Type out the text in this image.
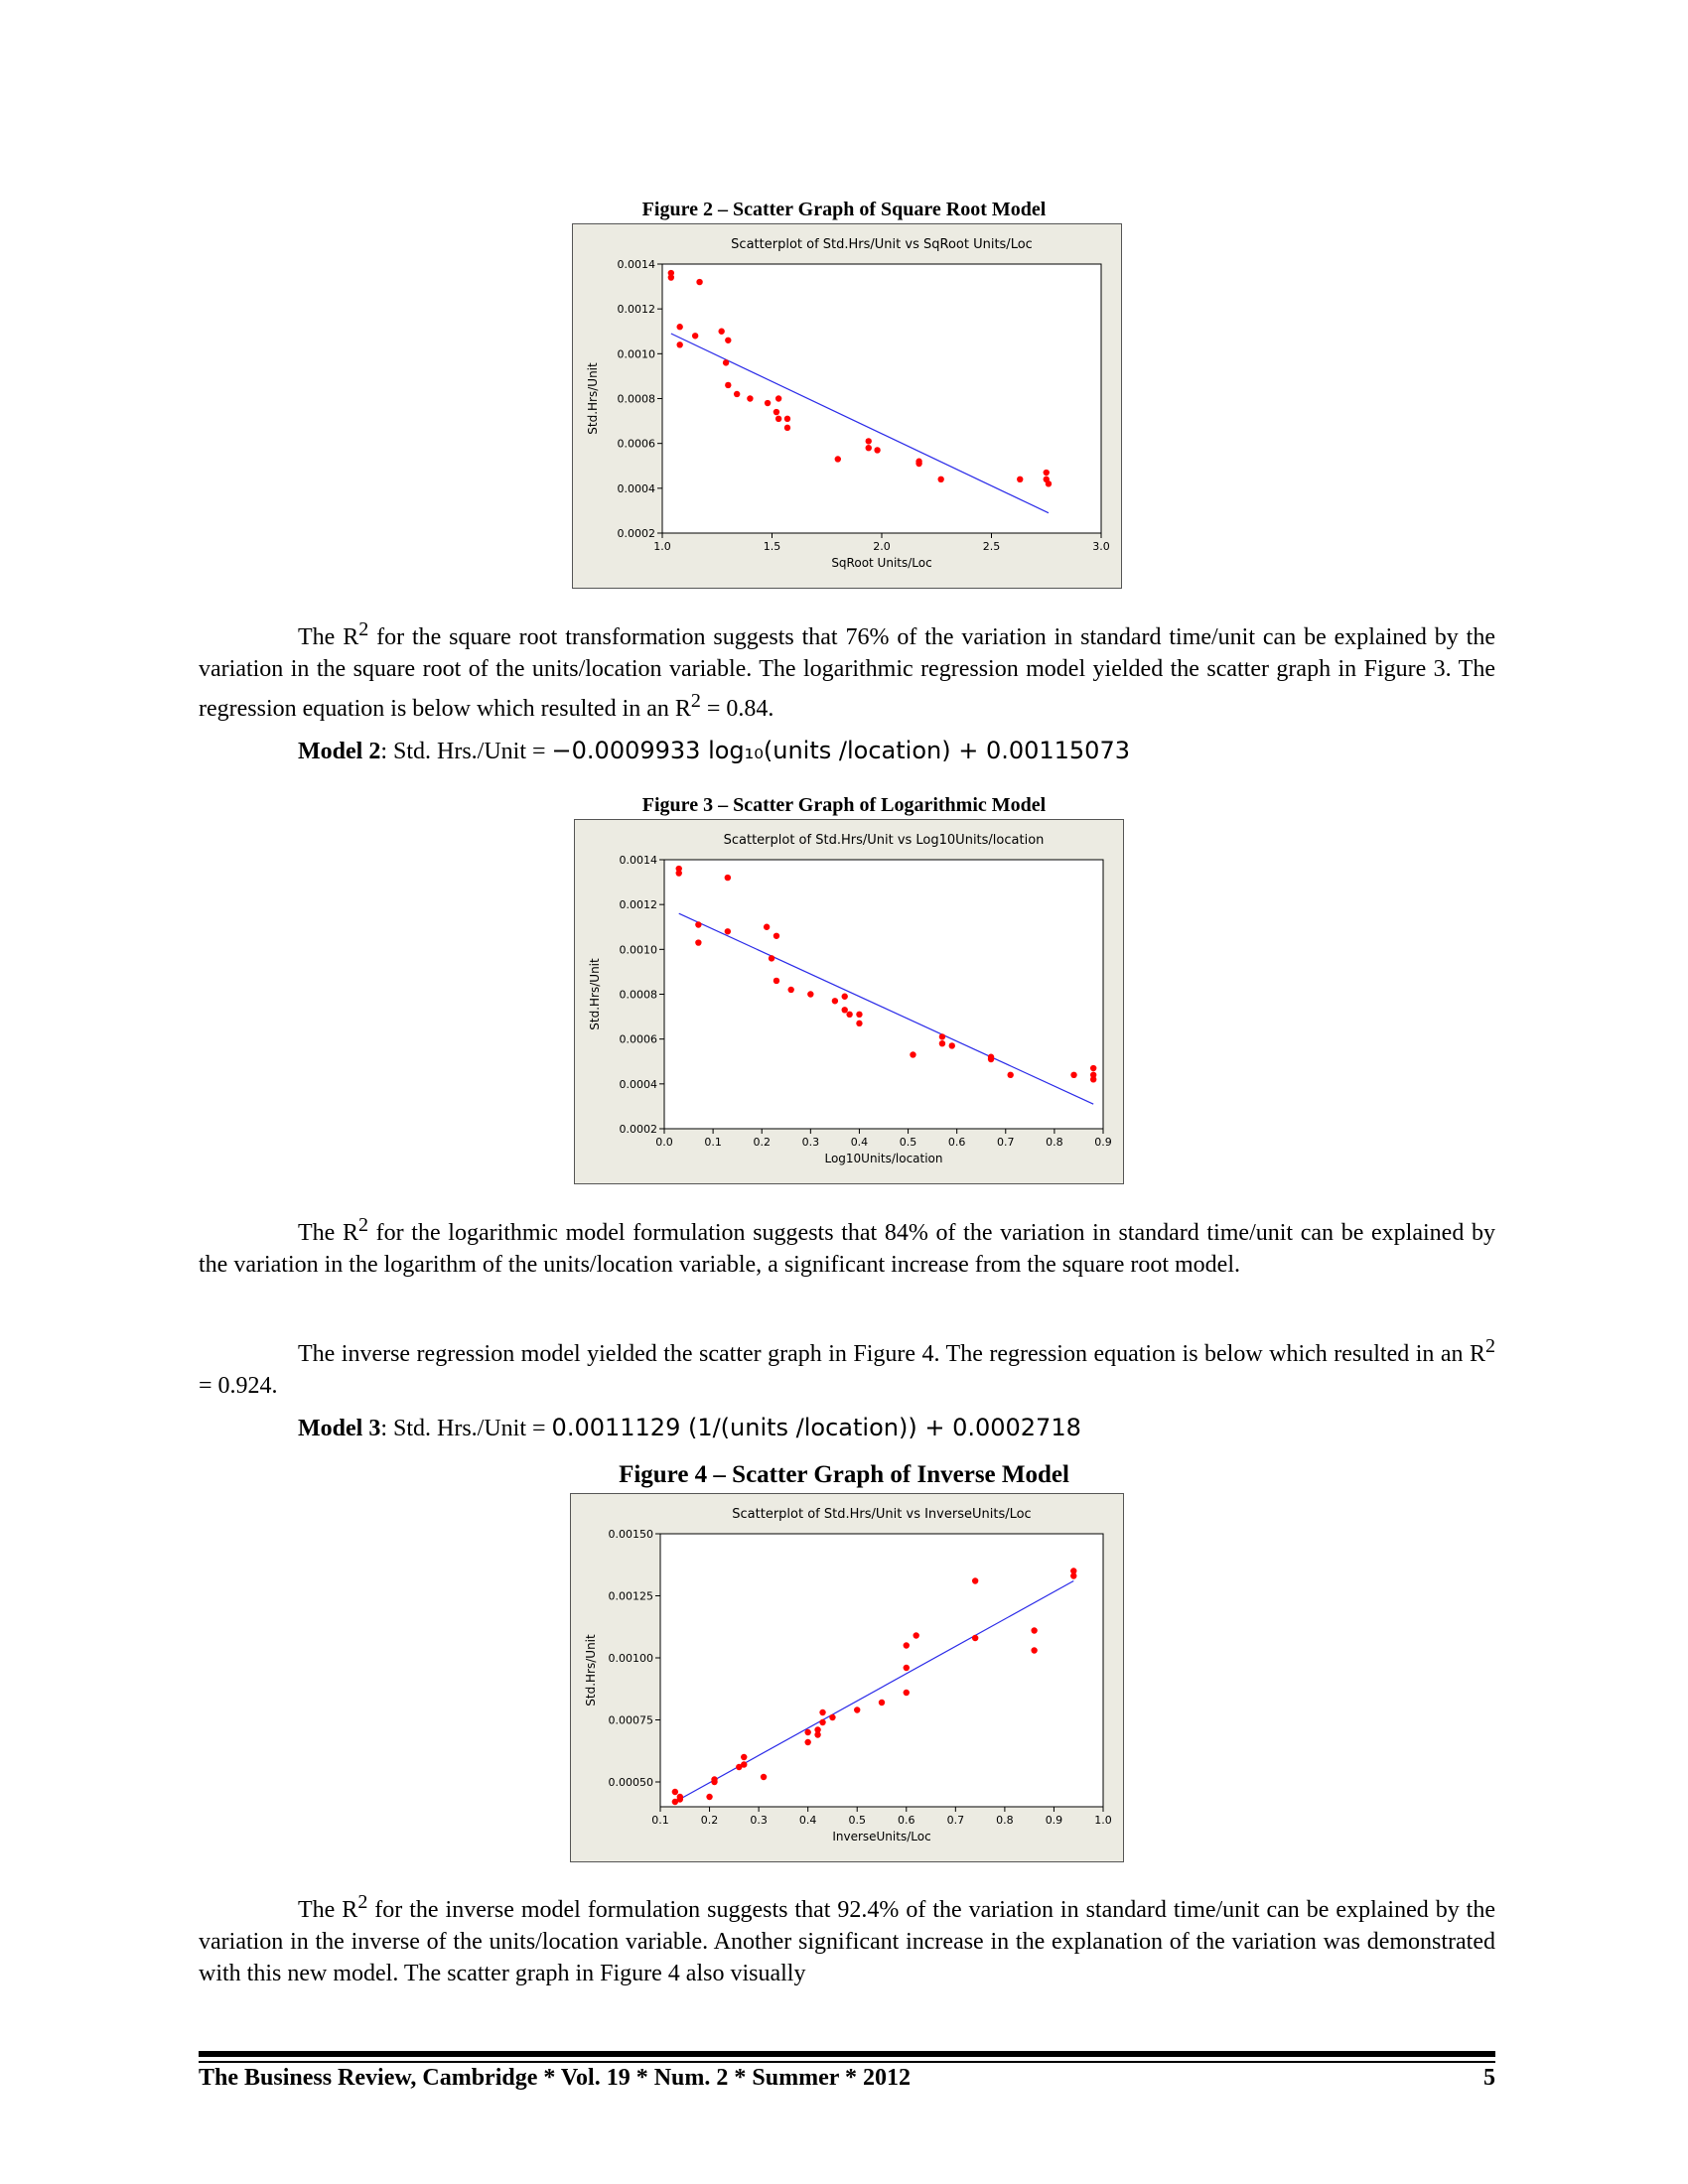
Figure 2 – Scatter Graph of Square Root Model
Scatterplot of Std.Hrs/Unit vs SqRoot Units/Loc
1.0	1.5	2.0	2.5	3.0
0.0002
0.0004
0.0006
0.0008
0.0010
0.0012
0.0014
SqRoot Units/Loc
Std.Hrs/Unit

The $R^2$ for the square root transformation suggests that 76% of the variation in standard time/unit can be explained by the variation in the square root of the units/location variable. The logarithmic regression model yielded the scatter graph in Figure 3. The regression equation is below which resulted in an $R^2 = 0.84$.

Model 2: Std. Hrs./Unit = −0.0009933 log₁₀(units /location) + 0.00115073
Figure 3 – Scatter Graph of Logarithmic Model
Scatterplot of Std.Hrs/Unit vs Log10Units/location
0.0	0.1	0.2	0.3	0.4	0.5	0.6	0.7	0.8	0.9
0.0002
0.0004
0.0006
0.0008
0.0010
0.0012
0.0014
Log10Units/location
Std.Hrs/Unit

The $R^2$ for the logarithmic model formulation suggests that 84% of the variation in standard time/unit can be explained by the variation in the logarithm of the units/location variable, a significant increase from the square root model.

The inverse regression model yielded the scatter graph in Figure 4. The regression equation is below which resulted in an $R^2 = 0.924$.

Model 3: Std. Hrs./Unit = 0.0011129 (1/(units /location)) + 0.0002718
Figure 4 – Scatter Graph of Inverse Model
Scatterplot of Std.Hrs/Unit vs InverseUnits/Loc
0.1	0.2	0.3	0.4	0.5	0.6	0.7	0.8	0.9	1.0
0.00050
0.00075
0.00100
0.00125
0.00150
InverseUnits/Loc
Std.Hrs/Unit

The $R^2$ for the inverse model formulation suggests that 92.4% of the variation in standard time/unit can be explained by the variation in the inverse of the units/location variable. Another significant increase in the explanation of the variation was demonstrated with this new model. The scatter graph in Figure 4 also visually

The Business Review, Cambridge * Vol. 19 * Num. 2 * Summer * 2012	5
